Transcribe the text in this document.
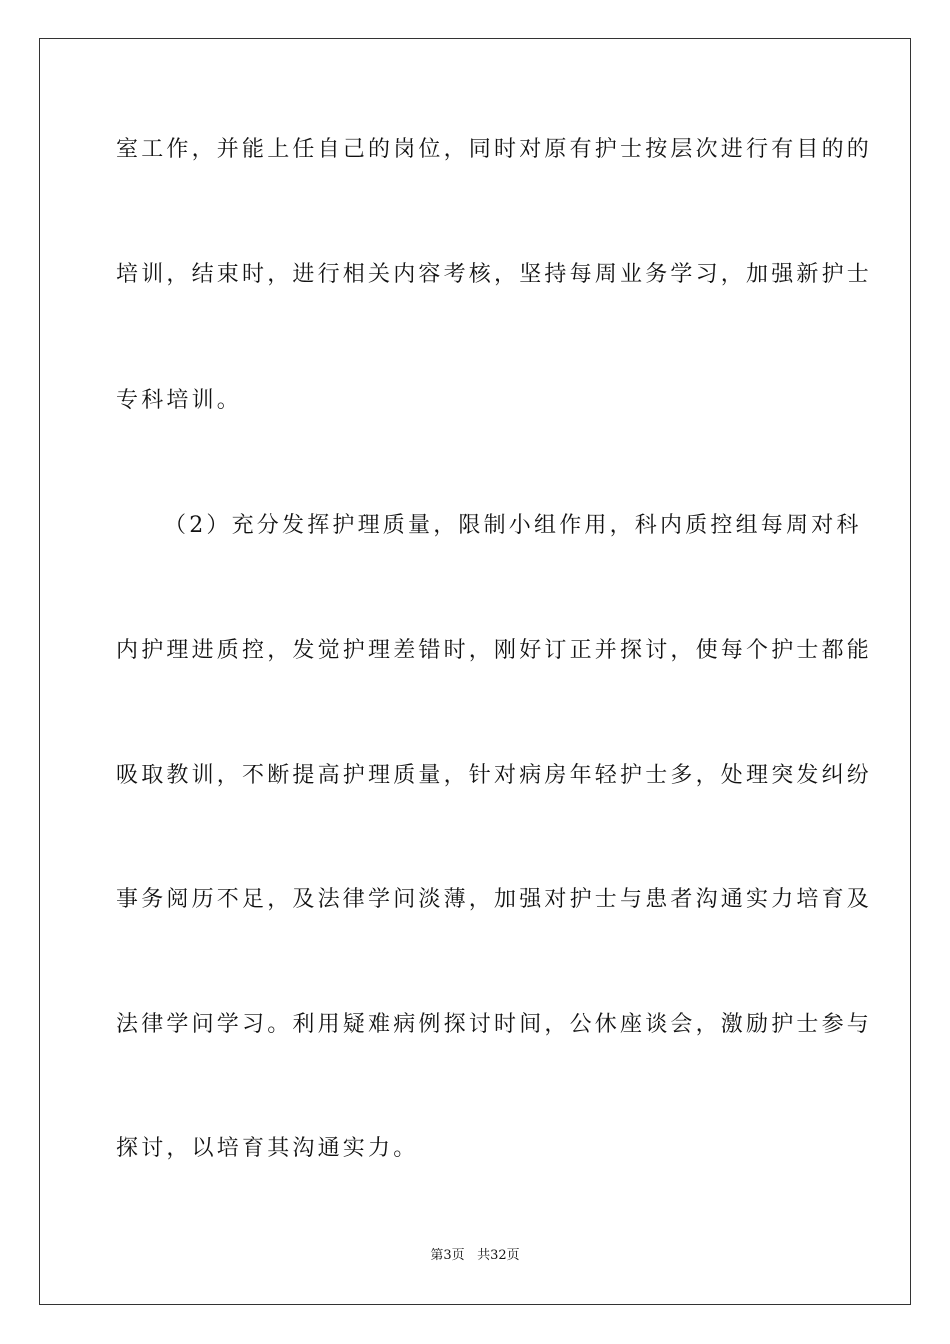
室工作，并能上任自己的岗位，同时对原有护士按层次进行有目的的
培训，结束时，进行相关内容考核，坚持每周业务学习，加强新护士
专科培训。
（2）充分发挥护理质量，限制小组作用，科内质控组每周对科
内护理进质控，发觉护理差错时，刚好订正并探讨，使每个护士都能
吸取教训，不断提高护理质量，针对病房年轻护士多，处理突发纠纷
事务阅历不足，及法律学问淡薄，加强对护士与患者沟通实力培育及
法律学问学习。利用疑难病例探讨时间，公休座谈会，激励护士参与
探讨，以培育其沟通实力。
第3页 共32页
